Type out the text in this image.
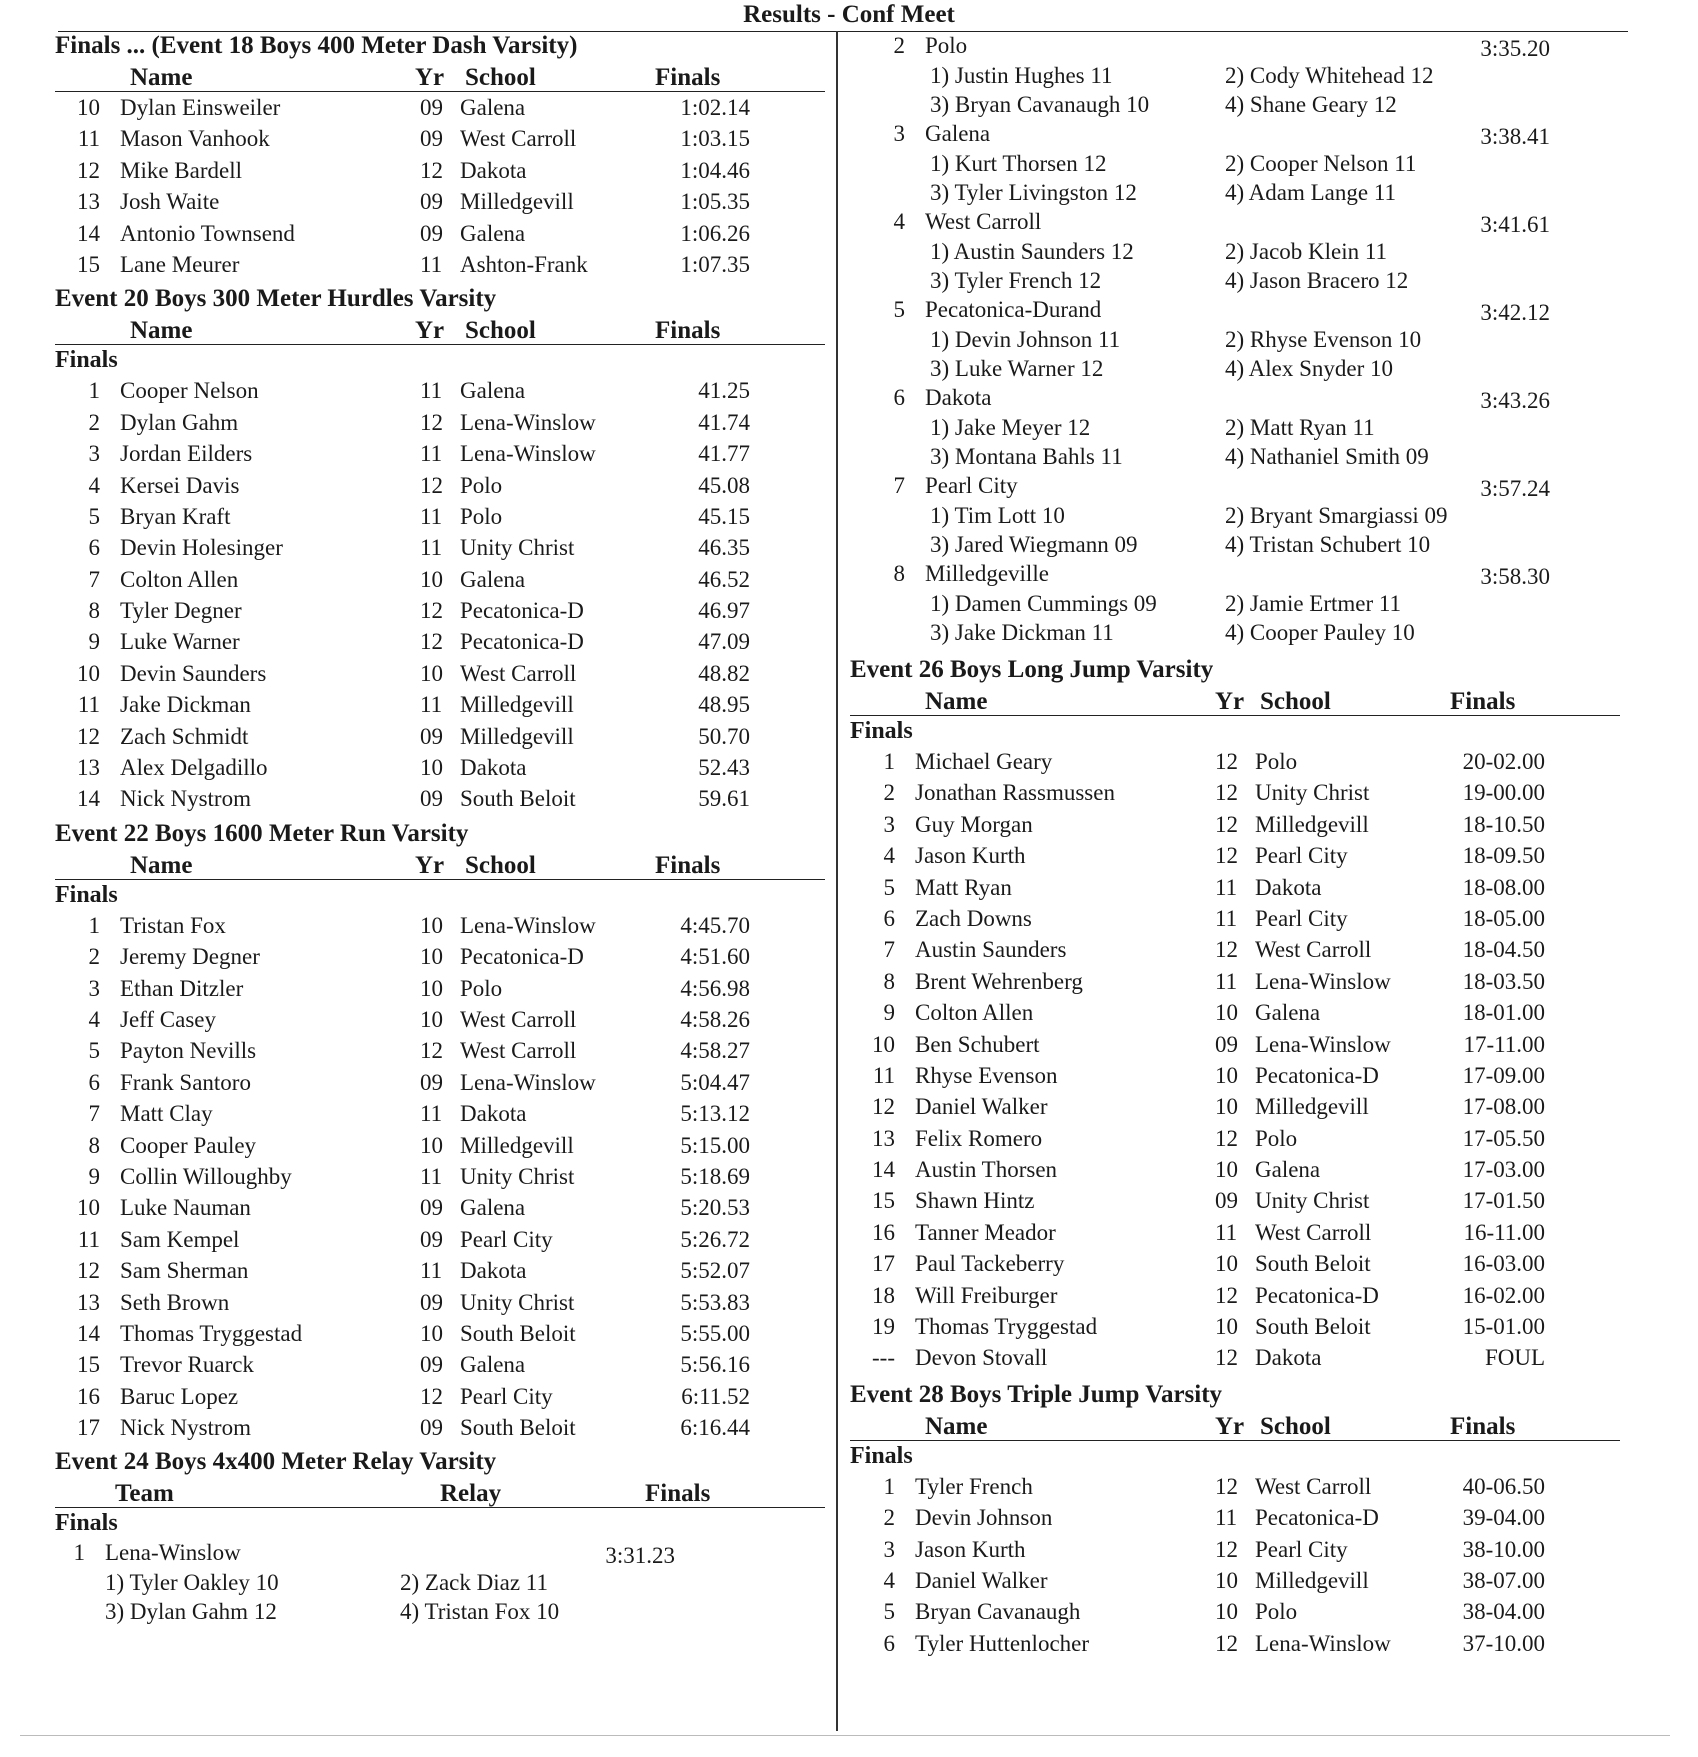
Results - Conf Meet
Finals ... (Event 18 Boys 400 Meter Dash Varsity)
Name	Yr School	Finals
10 Dylan Einsweiler	09 Galena	1:02.14
11 Mason Vanhook	09 West Carroll	1:03.15
12 Mike Bardell	12 Dakota	1:04.46
13 Josh Waite	09 Milledgevill	1:05.35
14 Antonio Townsend	09 Galena	1:06.26
15 Lane Meurer	11 Ashton-Frank	1:07.35
Event 20 Boys 300 Meter Hurdles Varsity
Name	Yr School	Finals
Finals
1 Cooper Nelson	11 Galena	41.25
2 Dylan Gahm	12 Lena-Winslow	41.74
3 Jordan Eilders	11 Lena-Winslow	41.77
4 Kersei Davis	12 Polo	45.08
5 Bryan Kraft	11 Polo	45.15
6 Devin Holesinger	11 Unity Christ	46.35
7 Colton Allen	10 Galena	46.52
8 Tyler Degner	12 Pecatonica-D	46.97
9 Luke Warner	12 Pecatonica-D	47.09
10 Devin Saunders	10 West Carroll	48.82
11 Jake Dickman	11 Milledgevill	48.95
12 Zach Schmidt	09 Milledgevill	50.70
13 Alex Delgadillo	10 Dakota	52.43
14 Nick Nystrom	09 South Beloit	59.61
Event 22 Boys 1600 Meter Run Varsity
Name	Yr School	Finals
Finals
1 Tristan Fox	10 Lena-Winslow	4:45.70
2 Jeremy Degner	10 Pecatonica-D	4:51.60
3 Ethan Ditzler	10 Polo	4:56.98
4 Jeff Casey	10 West Carroll	4:58.26
5 Payton Nevills	12 West Carroll	4:58.27
6 Frank Santoro	09 Lena-Winslow	5:04.47
7 Matt Clay	11 Dakota	5:13.12
8 Cooper Pauley	10 Milledgevill	5:15.00
9 Collin Willoughby	11 Unity Christ	5:18.69
10 Luke Nauman	09 Galena	5:20.53
11 Sam Kempel	09 Pearl City	5:26.72
12 Sam Sherman	11 Dakota	5:52.07
13 Seth Brown	09 Unity Christ	5:53.83
14 Thomas Tryggestad	10 South Beloit	5:55.00
15 Trevor Ruarck	09 Galena	5:56.16
16 Baruc Lopez	12 Pearl City	6:11.52
17 Nick Nystrom	09 South Beloit	6:16.44
Event 24 Boys 4x400 Meter Relay Varsity
Team	Relay	Finals
Finals
1 Lena-Winslow	3:31.23
1) Tyler Oakley 10	2) Zack Diaz 11
3) Dylan Gahm 12	4) Tristan Fox 10
2 Polo	3:35.20
1) Justin Hughes 11	2) Cody Whitehead 12
3) Bryan Cavanaugh 10	4) Shane Geary 12
3 Galena	3:38.41
1) Kurt Thorsen 12	2) Cooper Nelson 11
3) Tyler Livingston 12	4) Adam Lange 11
4 West Carroll	3:41.61
1) Austin Saunders 12	2) Jacob Klein 11
3) Tyler French 12	4) Jason Bracero 12
5 Pecatonica-Durand	3:42.12
1) Devin Johnson 11	2) Rhyse Evenson 10
3) Luke Warner 12	4) Alex Snyder 10
6 Dakota	3:43.26
1) Jake Meyer 12	2) Matt Ryan 11
3) Montana Bahls 11	4) Nathaniel Smith 09
7 Pearl City	3:57.24
1) Tim Lott 10	2) Bryant Smargiassi 09
3) Jared Wiegmann 09	4) Tristan Schubert 10
8 Milledgeville	3:58.30
1) Damen Cummings 09	2) Jamie Ertmer 11
3) Jake Dickman 11	4) Cooper Pauley 10
Event 26 Boys Long Jump Varsity
Name	Yr School	Finals
Finals
1 Michael Geary	12 Polo	20-02.00
2 Jonathan Rassmussen	12 Unity Christ	19-00.00
3 Guy Morgan	12 Milledgevill	18-10.50
4 Jason Kurth	12 Pearl City	18-09.50
5 Matt Ryan	11 Dakota	18-08.00
6 Zach Downs	11 Pearl City	18-05.00
7 Austin Saunders	12 West Carroll	18-04.50
8 Brent Wehrenberg	11 Lena-Winslow	18-03.50
9 Colton Allen	10 Galena	18-01.00
10 Ben Schubert	09 Lena-Winslow	17-11.00
11 Rhyse Evenson	10 Pecatonica-D	17-09.00
12 Daniel Walker	10 Milledgevill	17-08.00
13 Felix Romero	12 Polo	17-05.50
14 Austin Thorsen	10 Galena	17-03.00
15 Shawn Hintz	09 Unity Christ	17-01.50
16 Tanner Meador	11 West Carroll	16-11.00
17 Paul Tackeberry	10 South Beloit	16-03.00
18 Will Freiburger	12 Pecatonica-D	16-02.00
19 Thomas Tryggestad	10 South Beloit	15-01.00
--- Devon Stovall	12 Dakota	FOUL
Event 28 Boys Triple Jump Varsity
Name	Yr School	Finals
Finals
1 Tyler French	12 West Carroll	40-06.50
2 Devin Johnson	11 Pecatonica-D	39-04.00
3 Jason Kurth	12 Pearl City	38-10.00
4 Daniel Walker	10 Milledgevill	38-07.00
5 Bryan Cavanaugh	10 Polo	38-04.00
6 Tyler Huttenlocher	12 Lena-Winslow	37-10.00
